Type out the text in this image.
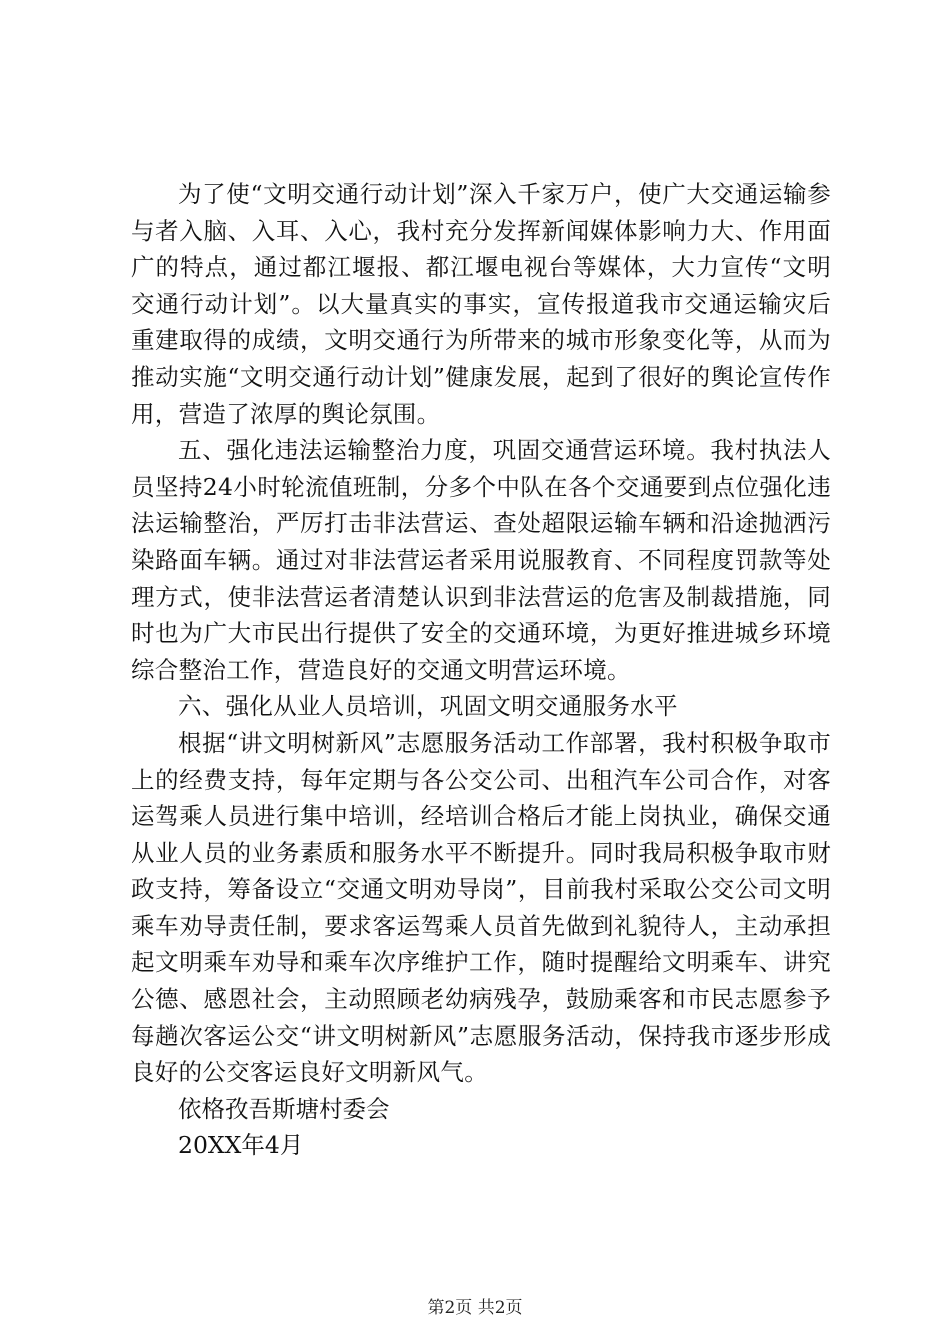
为了使“文明交通行动计划”深入千家万户，使广大交通运输参与者入脑、入耳、入心，我村充分发挥新闻媒体影响力大、作用面广的特点，通过都江堰报、都江堰电视台等媒体，大力宣传“文明交通行动计划”。以大量真实的事实，宣传报道我市交通运输灾后重建取得的成绩，文明交通行为所带来的城市形象变化等，从而为推动实施“文明交通行动计划”健康发展，起到了很好的舆论宣传作用，营造了浓厚的舆论氛围。

五、强化违法运输整治力度，巩固交通营运环境。我村执法人员坚持24小时轮流值班制，分多个中队在各个交通要到点位强化违法运输整治，严厉打击非法营运、查处超限运输车辆和沿途抛洒污染路面车辆。通过对非法营运者采用说服教育、不同程度罚款等处理方式，使非法营运者清楚认识到非法营运的危害及制裁措施，同时也为广大市民出行提供了安全的交通环境，为更好推进城乡环境综合整治工作，营造良好的交通文明营运环境。

六、强化从业人员培训，巩固文明交通服务水平

根据“讲文明树新风”志愿服务活动工作部署，我村积极争取市上的经费支持，每年定期与各公交公司、出租汽车公司合作，对客运驾乘人员进行集中培训，经培训合格后才能上岗执业，确保交通从业人员的业务素质和服务水平不断提升。同时我局积极争取市财政支持，筹备设立“交通文明劝导岗”，目前我村采取公交公司文明乘车劝导责任制，要求客运驾乘人员首先做到礼貌待人，主动承担起文明乘车劝导和乘车次序维护工作，随时提醒给文明乘车、讲究公德、感恩社会，主动照顾老幼病残孕，鼓励乘客和市民志愿参予每趟次客运公交“讲文明树新风”志愿服务活动，保持我市逐步形成良好的公交客运良好文明新风气。

依格孜吾斯塘村委会

20XX年4月

第2页 共2页
